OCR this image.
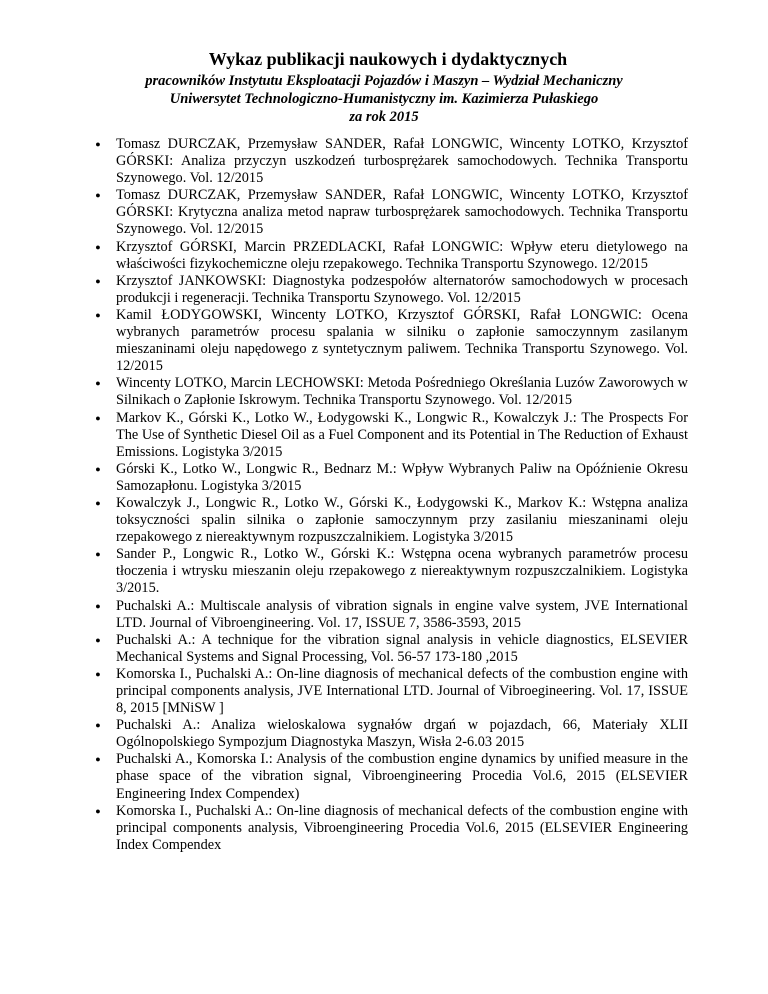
Wykaz publikacji naukowych i dydaktycznych
pracowników Instytutu Eksploatacji Pojazdów i Maszyn – Wydział Mechaniczny
Uniwersytet Technologiczno-Humanistyczny im. Kazimierza Pułaskiego
za rok 2015
● Tomasz DURCZAK, Przemysław SANDER, Rafał LONGWIC, Wincenty LOTKO, Krzysztof GÓRSKI: Analiza przyczyn uszkodzeń turbosprężarek samochodowych. Technika Transportu Szynowego. Vol. 12/2015
● Tomasz DURCZAK, Przemysław SANDER, Rafał LONGWIC, Wincenty LOTKO, Krzysztof GÓRSKI: Krytyczna analiza metod napraw turbosprężarek samochodowych. Technika Transportu Szynowego. Vol. 12/2015
● Krzysztof GÓRSKI, Marcin PRZEDLACKI, Rafał LONGWIC: Wpływ eteru dietylowego na właściwości fizykochemiczne oleju rzepakowego. Technika Transportu Szynowego. 12/2015
● Krzysztof JANKOWSKI: Diagnostyka podzespołów alternatorów samochodowych w procesach produkcji i regeneracji. Technika Transportu Szynowego. Vol. 12/2015
● Kamil ŁODYGOWSKI, Wincenty LOTKO, Krzysztof GÓRSKI, Rafał LONGWIC: Ocena wybranych parametrów procesu spalania w silniku o zapłonie samoczynnym zasilanym mieszaninami oleju napędowego z syntetycznym paliwem. Technika Transportu Szynowego. Vol. 12/2015
● Wincenty LOTKO, Marcin LECHOWSKI: Metoda Pośredniego Określania Luzów Zaworowych w Silnikach o Zapłonie Iskrowym. Technika Transportu Szynowego. Vol. 12/2015
● Markov K., Górski K., Lotko W., Łodygowski K., Longwic R., Kowalczyk J.: The Prospects For The Use of Synthetic Diesel Oil as a Fuel Component and its Potential in The Reduction of Exhaust Emissions. Logistyka 3/2015
● Górski K., Lotko W., Longwic R., Bednarz M.: Wpływ Wybranych Paliw na Opóźnienie Okresu Samozapłonu. Logistyka 3/2015
● Kowalczyk J., Longwic R., Lotko W., Górski K., Łodygowski K., Markov K.: Wstępna analiza toksyczności spalin silnika o zapłonie samoczynnym przy zasilaniu mieszaninami oleju rzepakowego z niereaktywnym rozpuszczalnikiem. Logistyka 3/2015
● Sander P., Longwic R., Lotko W., Górski K.: Wstępna ocena wybranych parametrów procesu tłoczenia i wtrysku mieszanin oleju rzepakowego z niereaktywnym rozpuszczalnikiem. Logistyka 3/2015.
● Puchalski A.: Multiscale analysis of vibration signals in engine valve system, JVE International LTD. Journal of Vibroengineering. Vol. 17, ISSUE 7, 3586-3593, 2015
● Puchalski A.: A technique for the vibration signal analysis in vehicle diagnostics, ELSEVIER Mechanical Systems and Signal Processing, Vol. 56-57 173-180 ,2015
● Komorska I., Puchalski A.: On-line diagnosis of mechanical defects of the combustion engine with principal components analysis, JVE International LTD. Journal of Vibroegineering. Vol. 17, ISSUE 8, 2015 [MNiSW ]
● Puchalski A.: Analiza wieloskalowa sygnałów drgań w pojazdach, 66, Materiały XLII Ogólnopolskiego Sympozjum Diagnostyka Maszyn, Wisła 2-6.03 2015
● Puchalski A., Komorska I.: Analysis of the combustion engine dynamics by unified measure in the phase space of the vibration signal, Vibroengineering Procedia Vol.6, 2015 (ELSEVIER Engineering Index Compendex)
● Komorska I., Puchalski A.: On-line diagnosis of mechanical defects of the combustion engine with principal components analysis, Vibroengineering Procedia Vol.6, 2015 (ELSEVIER Engineering Index Compendex
